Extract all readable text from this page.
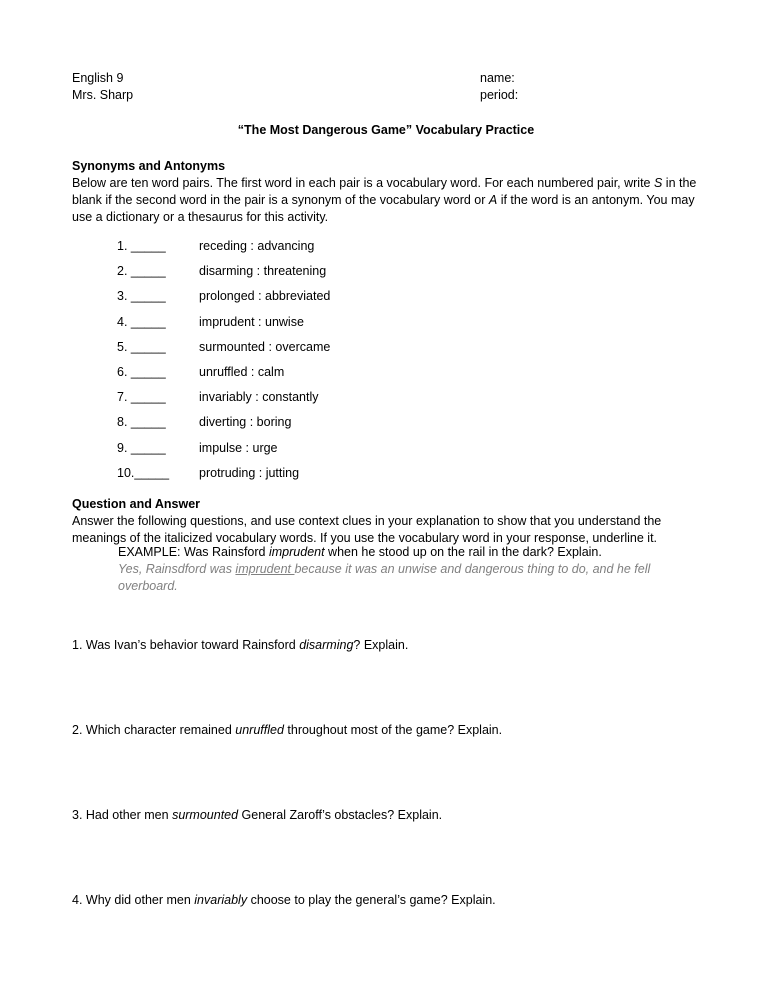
English 9
Mrs. Sharp
name:
period:
“The Most Dangerous Game” Vocabulary Practice
Synonyms and Antonyms
Below are ten word pairs. The first word in each pair is a vocabulary word. For each numbered pair, write S in the blank if the second word in the pair is a synonym of the vocabulary word or A if the word is an antonym. You may use a dictionary or a thesaurus for this activity.
1. _____	receding : advancing
2. _____	disarming : threatening
3. _____	prolonged : abbreviated
4. _____	imprudent : unwise
5. _____	surmounted : overcame
6. _____	unruffled : calm
7. _____	invariably : constantly
8. _____	diverting : boring
9. _____	impulse : urge
10._____	protruding : jutting
Question and Answer
Answer the following questions, and use context clues in your explanation to show that you understand the meanings of the italicized vocabulary words. If you use the vocabulary word in your response, underline it.
EXAMPLE: Was Rainsford imprudent when he stood up on the rail in the dark? Explain.
Yes, Rainsdford was imprudent because it was an unwise and dangerous thing to do, and he fell overboard.
1. Was Ivan’s behavior toward Rainsford disarming? Explain.
2. Which character remained unruffled throughout most of the game? Explain.
3. Had other men surmounted General Zaroff’s obstacles? Explain.
4. Why did other men invariably choose to play the general’s game? Explain.
